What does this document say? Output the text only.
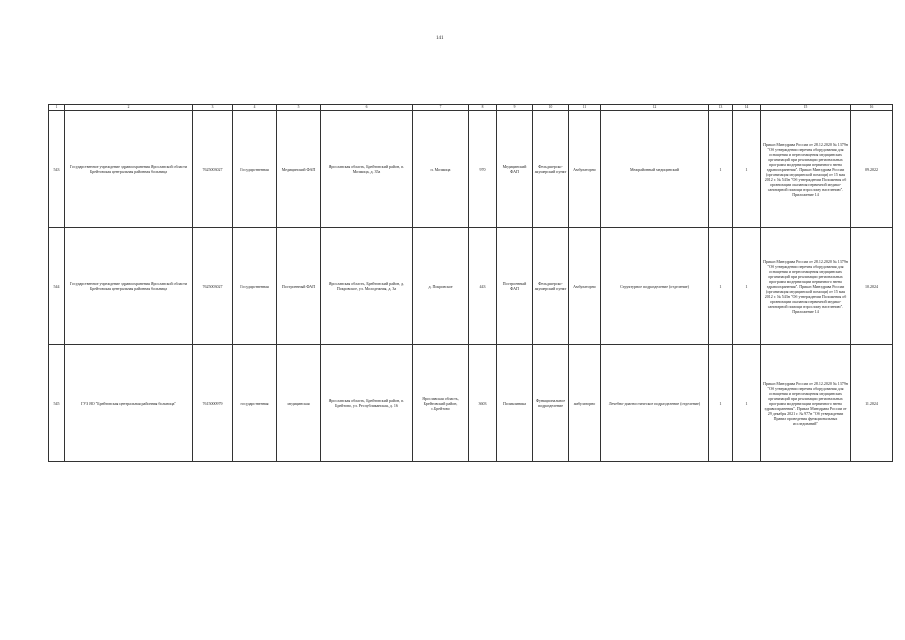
141
1	2	3	4	5	6	7	8	9	10	11	12	13	14	15	16
543	Государственное учреждение здравоохранения Ярославской области Брейтовская центральная районная больница	7625003027	Государственная	Медицинский ФАП	Ярославская область, Брейтовский район, п. Мозжица, д. 35а	п. Мозжица	970	Медицинский ФАП	Фельдшерско-акушерский пункт	Амбулаторно	Межрайонный медицинский	1	1	Приказ Минздрава России от 28.12.2020 № 1379н "Об утверждении перечня оборудования для оснащения и переоснащения медицинских организаций при реализации региональных программ модернизации первичного звена здравоохранения". Приказ Минздрава России (организация медицинской помощи) от 15 мая 2012 г. № 543н "Об утверждении Положения об организации оказания первичной медико-санитарной помощи взрослому населению". Приложение 14	09.2022
544	Государственное учреждение здравоохранения Ярославской области Брейтовская центральная районная больница	7625003027	Государственная	Построенный ФАП	Ярославская область, Брейтовский район, д. Покровское, ул. Молодежная, д. 3а	д. Покровское	443	Построенный ФАП	Фельдшерско-акушерский пункт	Амбулаторно	Структурное подразделение (отделение)	1	1	Приказ Минздрава России от 28.12.2020 № 1379н "Об утверждении перечня оборудования для оснащения и переоснащения медицинских организаций при реализации региональных программ модернизации первичного звена здравоохранения". Приказ Минздрава России (организация медицинской помощи) от 15 мая 2012 г. № 543н "Об утверждении Положения об организации оказания первичной медико-санитарной помощи взрослому населению". Приложение 14	10.2024
545	ГУЗ ЯО "Брейтовская центральная районная больница"	7615000979	государственная	медицинская	Ярославская область, Брейтовский район, п. Брейтово, ул. Республиканская, д. 16	Ярославская область, Брейтовский район, с.Брейтово	3603	Поликлиника	Функциональное подразделение	амбулаторно	Лечебно-диагностическое подразделение (отделение)	1	1	Приказ Минздрава России от 28.12.2020 № 1379н "Об утверждении перечня оборудования для оснащения и переоснащения медицинских организаций при реализации региональных программ модернизации первичного звена здравоохранения". Приказ Минздрава России от 29 декабря 2021 г. № 977н "Об утверждении Правил проведения функциональных исследований"	11.2024
